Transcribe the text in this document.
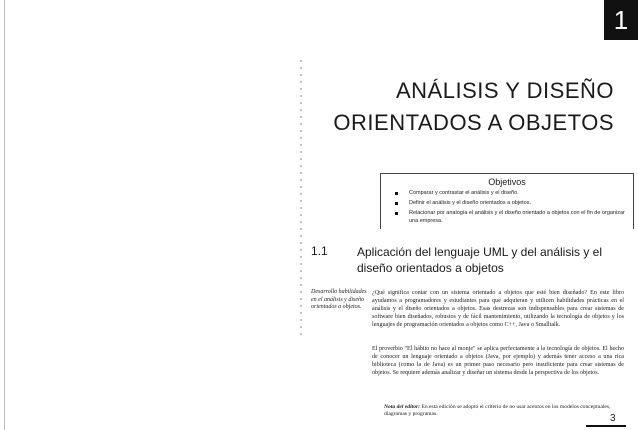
1
ANÁLISIS Y DISEÑO
ORIENTADOS A OBJETOS
Objetivos
Comparar y contrastar el análisis y el diseño.
Definir el análisis y el diseño orientados a objetos.
Relacionar por analogía el análisis y el diseño orientado a objetos con el fin de organizar una empresa.
1.1 Aplicación del lenguaje UML y del análisis y el diseño orientados a objetos
Desarrollo habilidades en el análisis y diseño orientados a objetos.

¿Qué significa contar con un sistema orientado a objetos que esté bien diseñado? En este libro ayudamos a programadores y estudiantes para que adquieran y utilicen habilidades prácticas en el análisis y el diseño orientados a objetos. Esas destrezas son indispensables para crear sistemas de software bien diseñados, robustos y de fácil mantenimiento, utilizando la tecnología de objetos y los lenguajes de programación orientados a objetos como C++, Java o Smalltalk.

El proverbio "El hábito no hace al monje" se aplica perfectamente a la tecnología de objetos. El hecho de conocer un lenguaje orientado a objetos (Java, por ejemplo) y además tener acceso a una rica biblioteca (como la de Java) es un primer paso necesario pero insuficiente para crear sistemas de objetos. Se requiere además analizar y diseñar un sistema desde la perspectiva de los objetos.

Nota del editor: En esta edición se adoptó el criterio de no usar acentos en los modelos conceptuales, diagramas y programas.	3
